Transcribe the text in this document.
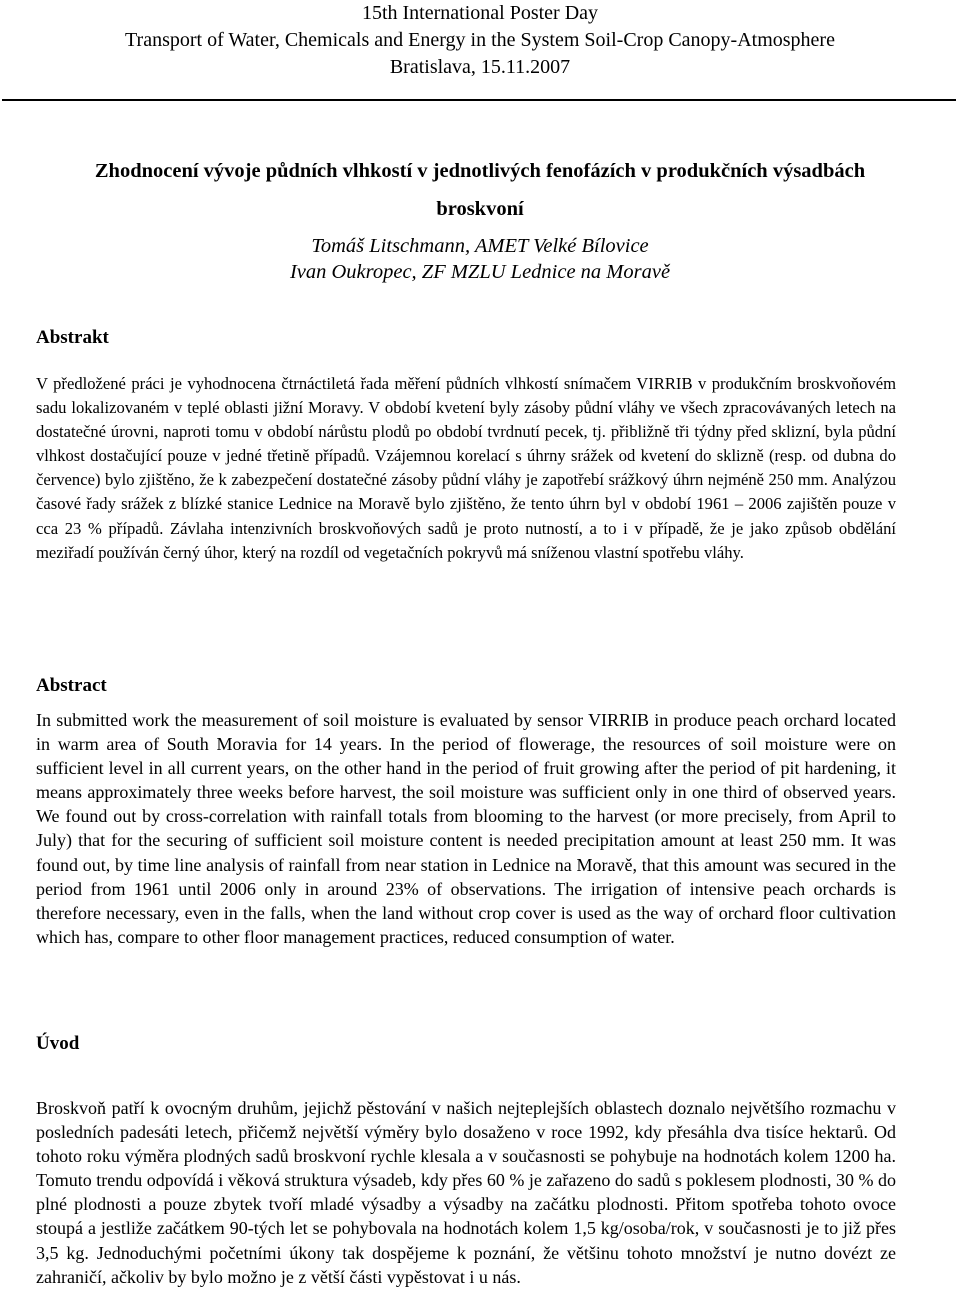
15th International Poster Day
Transport of Water, Chemicals and Energy in the System Soil-Crop Canopy-Atmosphere
Bratislava, 15.11.2007
Zhodnocení vývoje půdních vlhkostí v jednotlivých fenofázích v produkčních výsadbách
broskvoní
Tomáš Litschmann, AMET Velké Bílovice
Ivan Oukropec, ZF MZLU Lednice na Moravě
Abstrakt
V předložené práci je vyhodnocena čtrnáctiletá řada měření půdních vlhkostí snímačem VIRRIB v produkčním broskvoňovém sadu lokalizovaném v teplé oblasti jižní Moravy. V období kvetení byly zásoby půdní vláhy ve všech zpracovávaných letech na dostatečné úrovni, naproti tomu v období nárůstu plodů po období tvrdnutí pecek, tj. přibližně tři týdny před sklizní, byla půdní vlhkost dostačující pouze v jedné třetině případů. Vzájemnou korelací s úhrny srážek od kvetení do sklizně (resp. od dubna do července) bylo zjištěno, že k zabezpečení dostatečné zásoby půdní vláhy je zapotřebí srážkový úhrn nejméně 250 mm. Analýzou časové řady srážek z blízké stanice Lednice na Moravě bylo zjištěno, že tento úhrn byl v období 1961 – 2006 zajištěn pouze v cca 23 % případů. Závlaha intenzivních broskvoňových sadů je proto nutností, a to i v případě, že je jako způsob obdělání meziřadí používán černý úhor, který na rozdíl od vegetačních pokryvů má sníženou vlastní spotřebu vláhy.
Abstract
In submitted work the measurement of soil moisture is evaluated by sensor VIRRIB in produce peach orchard located in warm area of South Moravia for 14 years. In the period of flowerage, the resources of soil moisture were on sufficient level in all current years, on the other hand in the period of fruit growing after the period of pit hardening, it means approximately three weeks before harvest, the soil moisture was sufficient only in one third of observed years. We found out by cross-correlation with rainfall totals from blooming to the harvest (or more precisely, from April to July) that for the securing of sufficient soil moisture content is needed precipitation amount at least 250 mm. It was found out, by time line analysis of rainfall from near station in Lednice na Moravě, that this amount was secured in the period from 1961 until 2006 only in around 23% of observations. The irrigation of intensive peach orchards is therefore necessary, even in the falls, when the land without crop cover is used as the way of orchard floor cultivation which has, compare to other floor management practices, reduced consumption of water.
Úvod
Broskvoň patří k ovocným druhům, jejichž pěstování v našich nejteplejších oblastech doznalo největšího rozmachu v posledních padesáti letech, přičemž největší výměry bylo dosaženo v roce 1992, kdy přesáhla dva tisíce hektarů. Od tohoto roku výměra plodných sadů broskvoní rychle klesala a v současnosti se pohybuje na hodnotách kolem 1200 ha. Tomuto trendu odpovídá i věková struktura výsadeb, kdy přes 60 % je zařazeno do sadů s poklesem plodnosti, 30 % do plné plodnosti a pouze zbytek tvoří mladé výsadby a výsadby na začátku plodnosti. Přitom spotřeba tohoto ovoce stoupá a jestliže začátkem 90-tých let se pohybovala na hodnotách kolem 1,5 kg/osoba/rok, v současnosti je to již přes 3,5 kg. Jednoduchými početními úkony tak dospějeme k poznání, že většinu tohoto množství je nutno dovézt ze zahraničí, ačkoliv by bylo možno je z větší části vypěstovat i u nás.
